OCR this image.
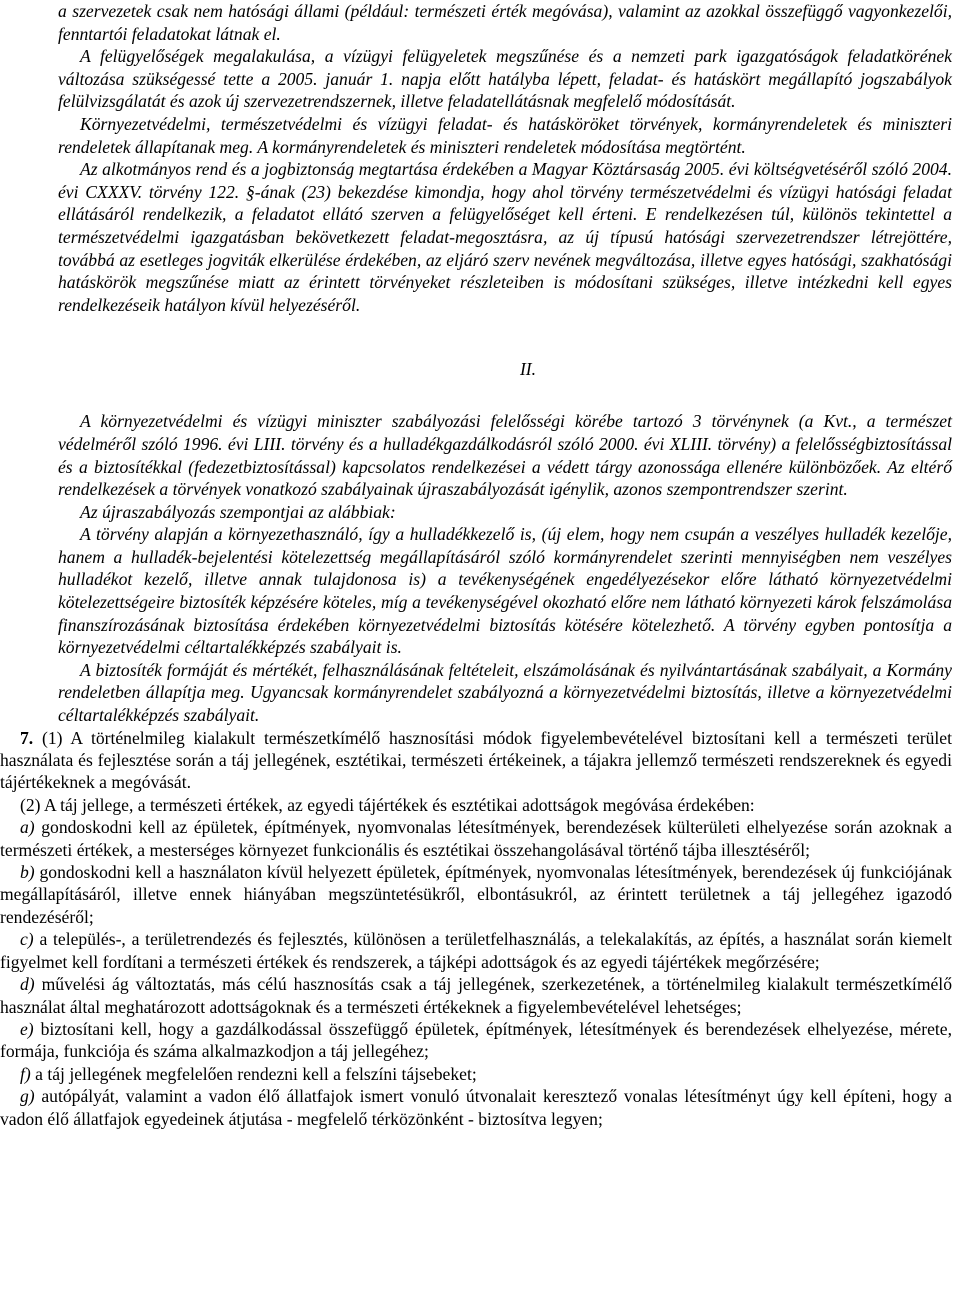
a szervezetek csak nem hatósági állami (például: természeti érték megóvása), valamint az azokkal összefüggő vagyonkezelői, fenntartói feladatokat látnak el.

A felügyelőségek megalakulása, a vízügyi felügyeletek megszűnése és a nemzeti park igazgatóságok feladatkörének változása szükségessé tette a 2005. január 1. napja előtt hatályba lépett, feladat- és hatáskört megállapító jogszabályok felülvizsgálatát és azok új szervezetrendszernek, illetve feladatellátásnak megfelelő módosítását.

Környezetvédelmi, természetvédelmi és vízügyi feladat- és hatásköröket törvények, kormányrendeletek és miniszteri rendeletek állapítanak meg. A kormányrendeletek és miniszteri rendeletek módosítása megtörtént.

Az alkotmányos rend és a jogbiztonság megtartása érdekében a Magyar Köztársaság 2005. évi költségvetéséről szóló 2004. évi CXXXV. törvény 122. §-ának (23) bekezdése kimondja, hogy ahol törvény természetvédelmi és vízügyi hatósági feladat ellátásáról rendelkezik, a feladatot ellátó szerven a felügyelőséget kell érteni. E rendelkezésen túl, különös tekintettel a természetvédelmi igazgatásban bekövetkezett feladat-megosztásra, az új típusú hatósági szervezetrendszer létrejöttére, továbbá az esetleges jogviták elkerülése érdekében, az eljáró szerv nevének megváltozása, illetve egyes hatósági, szakhatósági hatáskörök megszűnése miatt az érintett törvényeket részleteiben is módosítani szükséges, illetve intézkedni kell egyes rendelkezéseik hatályon kívül helyezéséről.

II.

A környezetvédelmi és vízügyi miniszter szabályozási felelősségi körébe tartozó 3 törvénynek (a Kvt., a természet védelméről szóló 1996. évi LIII. törvény és a hulladékgazdálkodásról szóló 2000. évi XLIII. törvény) a felelősségbiztosítással és a biztosítékkal (fedezetbiztosítással) kapcsolatos rendelkezései a védett tárgy azonossága ellenére különbözőek. Az eltérő rendelkezések a törvények vonatkozó szabályainak újraszabályozását igénylik, azonos szempontrendszer szerint.

Az újraszabályozás szempontjai az alábbiak:

A törvény alapján a környezethasználó, így a hulladékkezelő is, (új elem, hogy nem csupán a veszélyes hulladék kezelője, hanem a hulladék-bejelentési kötelezettség megállapításáról szóló kormányrendelet szerinti mennyiségben nem veszélyes hulladékot kezelő, illetve annak tulajdonosa is) a tevékenységének engedélyezésekor előre látható környezetvédelmi kötelezettségeire biztosíték képzésére köteles, míg a tevékenységével okozható előre nem látható környezeti károk felszámolása finanszírozásának biztosítása érdekében környezetvédelmi biztosítás kötésére kötelezhető. A törvény egyben pontosítja a környezetvédelmi céltartalékképzés szabályait is.

A biztosíték formáját és mértékét, felhasználásának feltételeit, elszámolásának és nyilvántartásának szabályait, a Kormány rendeletben állapítja meg. Ugyancsak kormányrendelet szabályozná a környezetvédelmi biztosítás, illetve a környezetvédelmi céltartalékképzés szabályait.

7. (1) A történelmileg kialakult természetkímélő hasznosítási módok figyelembevételével biztosítani kell a természeti terület használata és fejlesztése során a táj jellegének, esztétikai, természeti értékeinek, a tájakra jellemző természeti rendszereknek és egyedi tájértékeknek a megóvását.

(2) A táj jellege, a természeti értékek, az egyedi tájértékek és esztétikai adottságok megóvása érdekében:

a) gondoskodni kell az épületek, építmények, nyomvonalas létesítmények, berendezések külterületi elhelyezése során azoknak a természeti értékek, a mesterséges környezet funkcionális és esztétikai összehangolásával történő tájba illesztéséről;

b) gondoskodni kell a használaton kívül helyezett épületek, építmények, nyomvonalas létesítmények, berendezések új funkciójának megállapításáról, illetve ennek hiányában megszüntetésükről, elbontásukról, az érintett területnek a táj jellegéhez igazodó rendezéséről;

c) a település-, a területrendezés és fejlesztés, különösen a területfelhasználás, a telekalakítás, az építés, a használat során kiemelt figyelmet kell fordítani a természeti értékek és rendszerek, a tájképi adottságok és az egyedi tájértékek megőrzésére;

d) művelési ág változtatás, más célú hasznosítás csak a táj jellegének, szerkezetének, a történelmileg kialakult természetkímélő használat által meghatározott adottságoknak és a természeti értékeknek a figyelembevételével lehetséges;

e) biztosítani kell, hogy a gazdálkodással összefüggő épületek, építmények, létesítmények és berendezések elhelyezése, mérete, formája, funkciója és száma alkalmazkodjon a táj jellegéhez;

f) a táj jellegének megfelelően rendezni kell a felszíni tájsebeket;

g) autópályát, valamint a vadon élő állatfajok ismert vonuló útvonalait keresztező vonalas létesítményt úgy kell építeni, hogy a vadon élő állatfajok egyedeinek átjutása - megfelelő térközönként - biztosítva legyen;
